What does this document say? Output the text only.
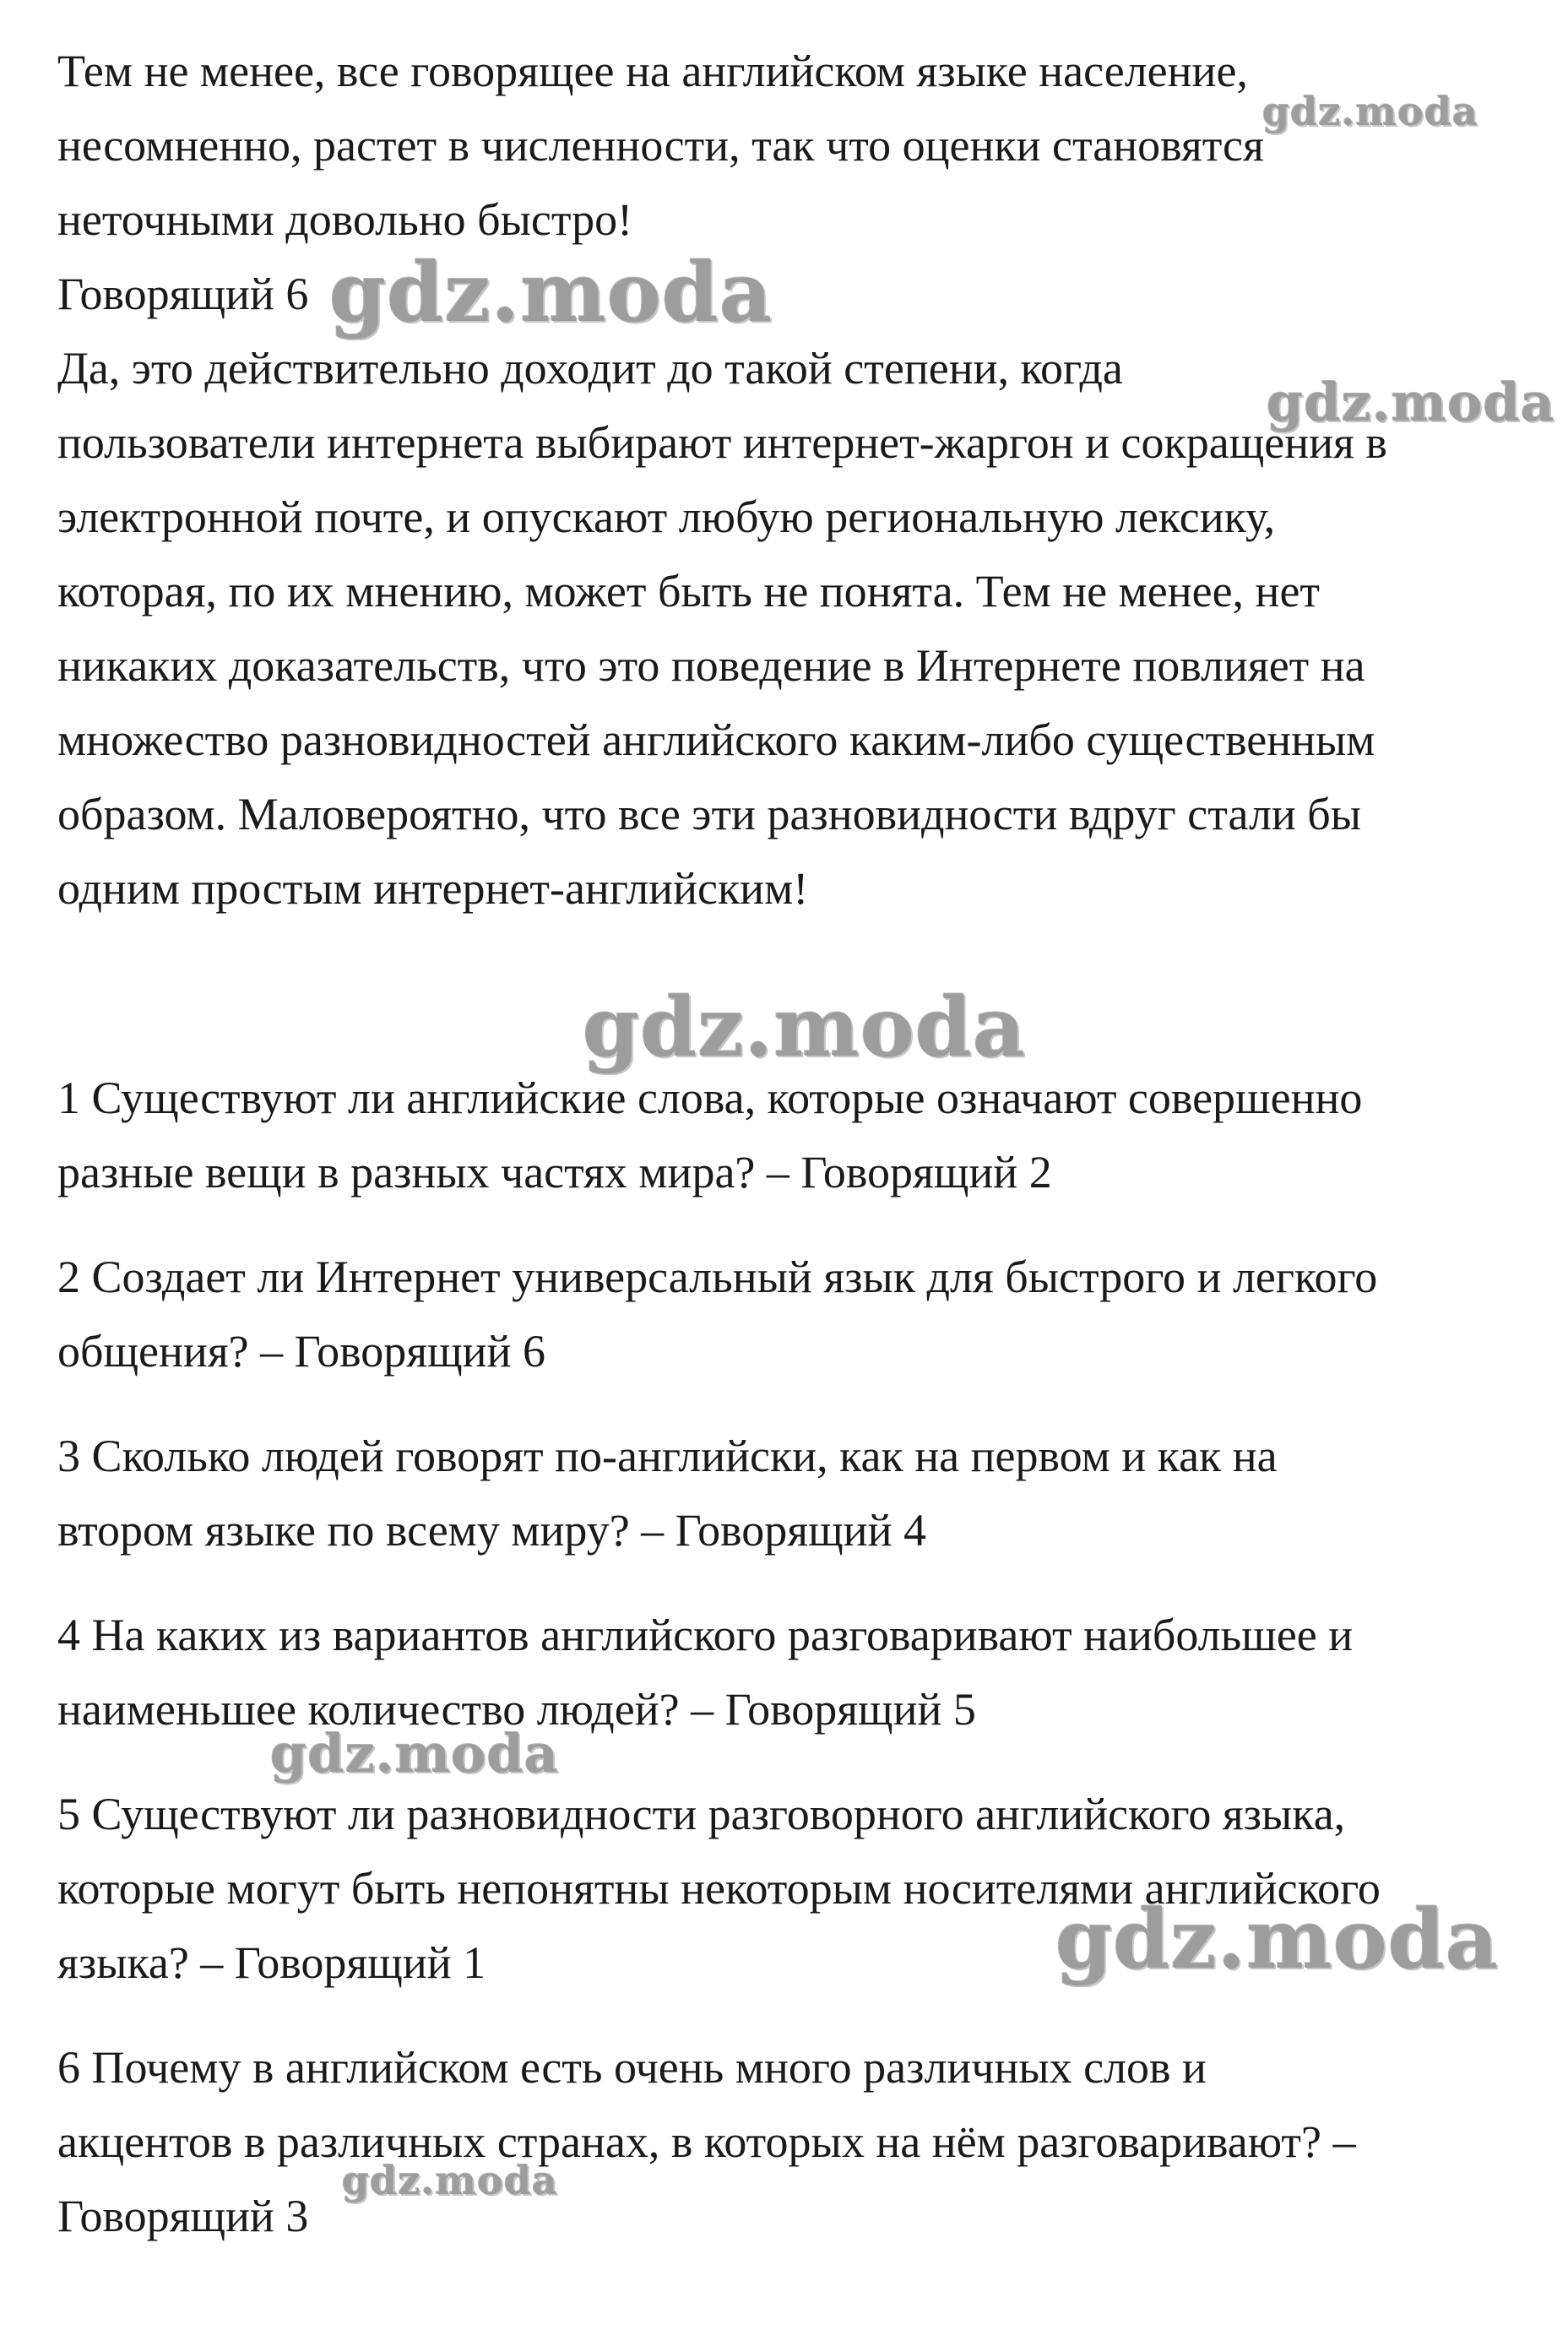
Тем не менее, все говорящее на английском языке население,
несомненно, растет в численности, так что оценки становятся
неточными довольно быстро!

Говорящий 6

Да, это действительно доходит до такой степени, когда
пользователи интернета выбирают интернет-жаргон и сокращения в
электронной почте, и опускают любую региональную лексику,
которая, по их мнению, может быть не понята. Тем не менее, нет
никаких доказательств, что это поведение в Интернете повлияет на
множество разновидностей английского каким-либо существенным
образом. Маловероятно, что все эти разновидности вдруг стали бы
одним простым интернет-английским!

1 Существуют ли английские слова, которые означают совершенно
разные вещи в разных частях мира? – Говорящий 2

2 Создает ли Интернет универсальный язык для быстрого и легкого
общения? – Говорящий 6

3 Сколько людей говорят по-английски, как на первом и как на
втором языке по всему миру? – Говорящий 4

4 На каких из вариантов английского разговаривают наибольшее и
наименьшее количество людей? – Говорящий 5

5 Существуют ли разновидности разговорного английского языка,
которые могут быть непонятны некоторым носителями английского
языка? – Говорящий 1

6 Почему в английском есть очень много различных слов и
акцентов в различных странах, в которых на нём разговаривают? –
Говорящий 3

gdz.moda
gdz.moda
gdz.moda
gdz.moda
gdz.moda
gdz.moda
gdz.moda
